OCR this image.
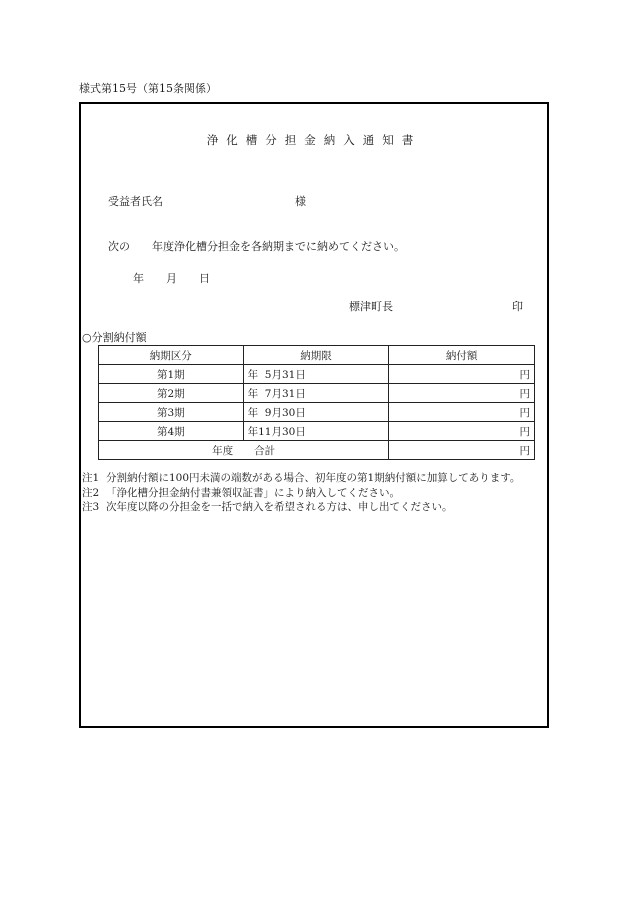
様式第15号（第15条関係）
浄化槽分担金納入通知書
受益者氏名	様
次の　　年度浄化槽分担金を各納期までに納めてください。
年　　月　　日
標津町長	印
○分割納付額
納期区分	納期限	納付額
第1期	年  5月31日	円
第2期	年  7月31日	円
第3期	年  9月30日	円
第4期	年11月30日	円
年度　　合計		円
注1 分割納付額に100円未満の端数がある場合、初年度の第1期納付額に加算してあります。
注2 「浄化槽分担金納付書兼領収証書」により納入してください。
注3 次年度以降の分担金を一括で納入を希望される方は、申し出てください。
